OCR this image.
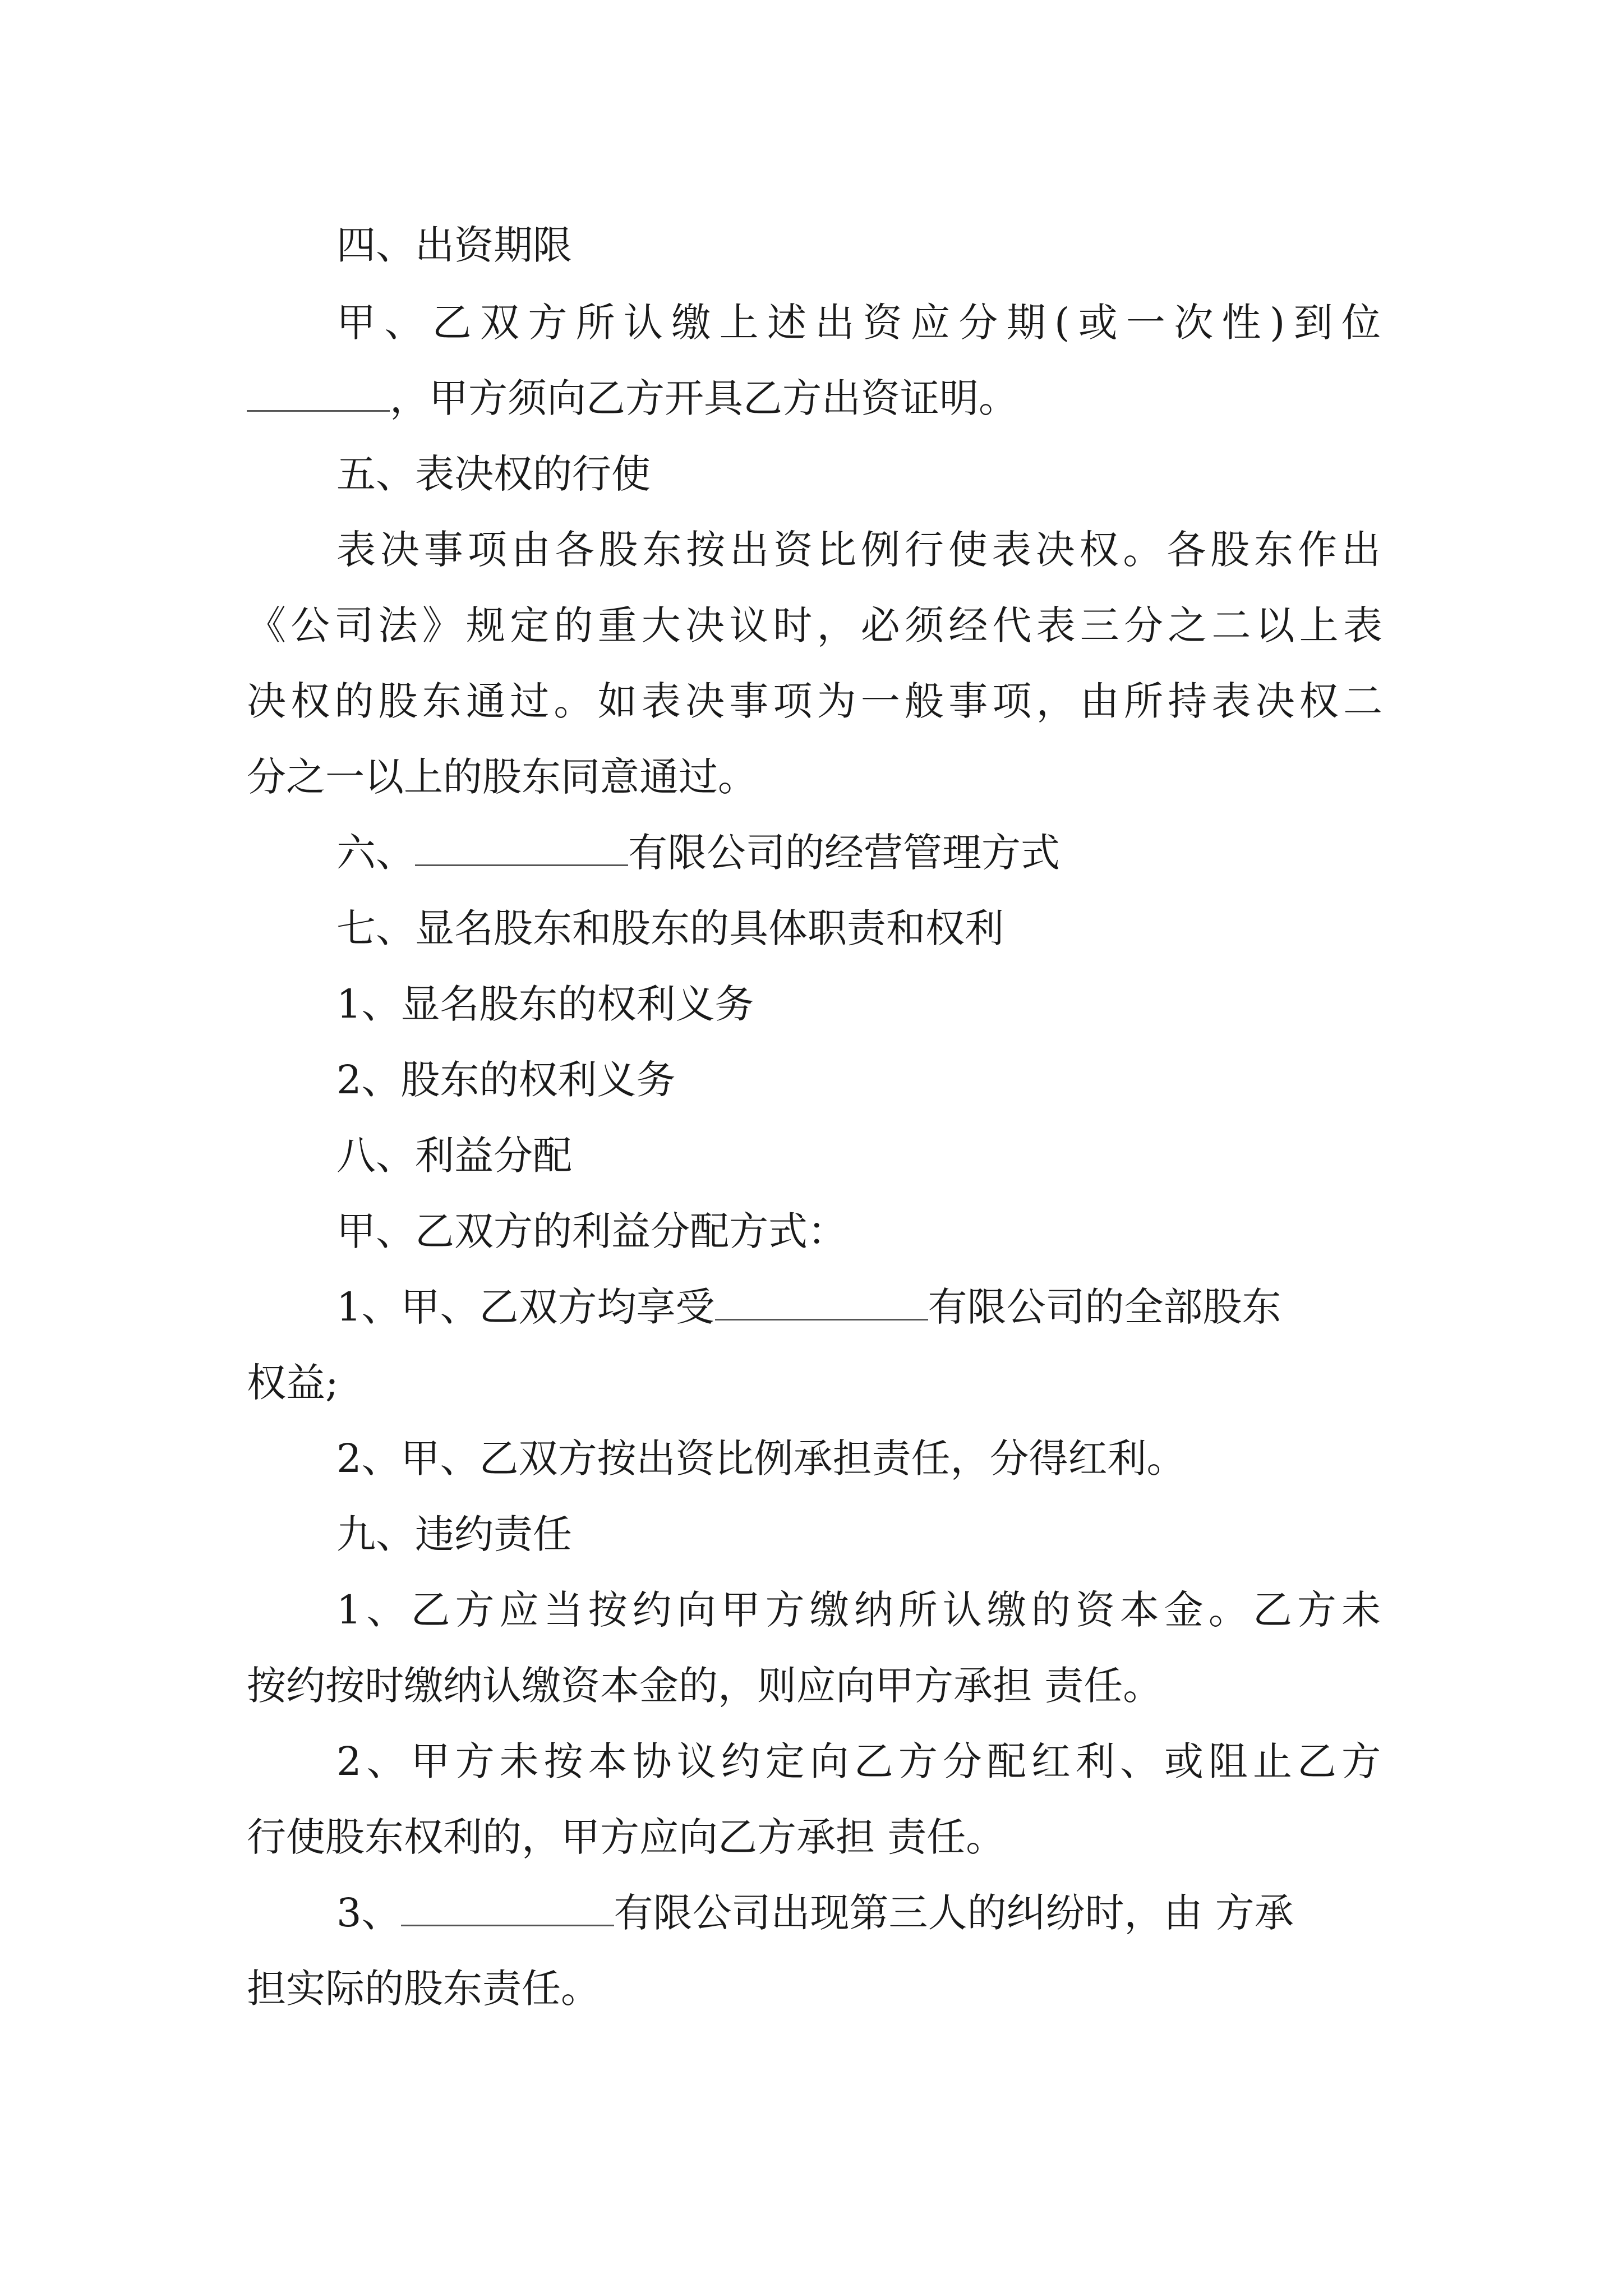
四、出资期限
甲、乙双方所认缴上述出资应分期(或一次性)到位
，甲方须向乙方开具乙方出资证明。
五、表决权的行使
表决事项由各股东按出资比例行使表决权。各股东作出
《公司法》规定的重大决议时，必须经代表三分之二以上表
决权的股东通过。如表决事项为一般事项，由所持表决权二
分之一以上的股东同意通过。
六、	有限公司的经营管理方式
七、显名股东和股东的具体职责和权利
1、显名股东的权利义务
2、股东的权利义务
八、利益分配
甲、乙双方的利益分配方式：
1、甲、乙双方均享受	有限公司的全部股东
权益;
2、甲、乙双方按出资比例承担责任，分得红利。
九、违约责任
1、乙方应当按约向甲方缴纳所认缴的资本金。乙方未
按约按时缴纳认缴资本金的，则应向甲方承担 责任。
2、甲方未按本协议约定向乙方分配红利、或阻止乙方
行使股东权利的，甲方应向乙方承担 责任。
3、	有限公司出现第三人的纠纷时，由 方承
担实际的股东责任。
